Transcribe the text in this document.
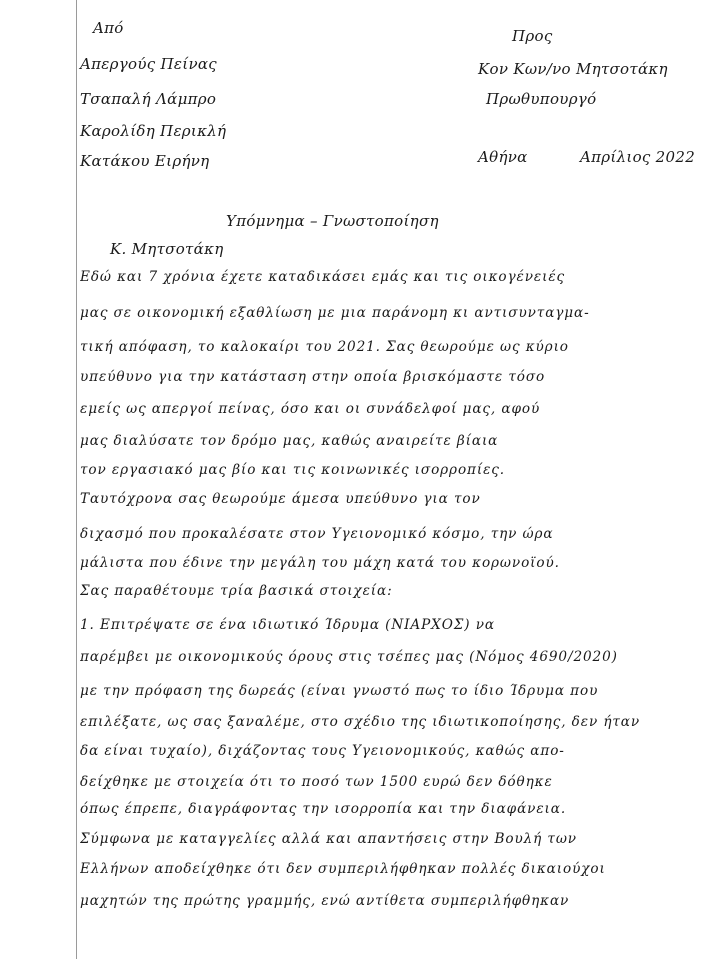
Από
Απεργούς Πείνας
Τσαπαλή Λάμπρο
Καρολίδη Περικλή
Κατάκου Ειρήνη
Προς
Κον Κων/νο Μητσοτάκη
Πρωθυπουργό
Αθήνα	Απρίλιος 2022
Υπόμνημα – Γνωστοποίηση
Κ. Μητσοτάκη
Εδώ και 7 χρόνια έχετε καταδικάσει εμάς και τις οικογένειές
μας σε οικονομική εξαθλίωση με μια παράνομη κι αντισυνταγμα-
τική απόφαση, το καλοκαίρι του 2021. Σας θεωρούμε ως κύριο
υπεύθυνο για την κατάσταση στην οποία βρισκόμαστε τόσο
εμείς ως απεργοί πείνας, όσο και οι συνάδελφοί μας, αφού
μας διαλύσατε τον δρόμο μας, καθώς αναιρείτε βίαια
τον εργασιακό μας βίο και τις κοινωνικές ισορροπίες.
Ταυτόχρονα σας θεωρούμε άμεσα υπεύθυνο για τον
διχασμό που προκαλέσατε στον Υγειονομικό κόσμο, την ώρα
μάλιστα που έδινε την μεγάλη του μάχη κατά του κορωνοϊού.
Σας παραθέτουμε τρία βασικά στοιχεία:
1. Επιτρέψατε σε ένα ιδιωτικό Ίδρυμα (ΝΙΑΡΧΟΣ) να
παρέμβει με οικονομικούς όρους στις τσέπες μας (Νόμος 4690/2020)
με την πρόφαση της δωρεάς (είναι γνωστό πως το ίδιο Ίδρυμα που
επιλέξατε, ως σας ξαναλέμε, στο σχέδιο της ιδιωτικοποίησης, δεν ήταν
δα είναι τυχαίο), διχάζοντας τους Υγειονομικούς, καθώς απο-
δείχθηκε με στοιχεία ότι το ποσό των 1500 ευρώ δεν δόθηκε
όπως έπρεπε, διαγράφοντας την ισορροπία και την διαφάνεια.
Σύμφωνα με καταγγελίες αλλά και απαντήσεις στην Βουλή των
Ελλήνων αποδείχθηκε ότι δεν συμπεριλήφθηκαν πολλές δικαιούχοι
μαχητών της πρώτης γραμμής, ενώ αντίθετα συμπεριλήφθηκαν
